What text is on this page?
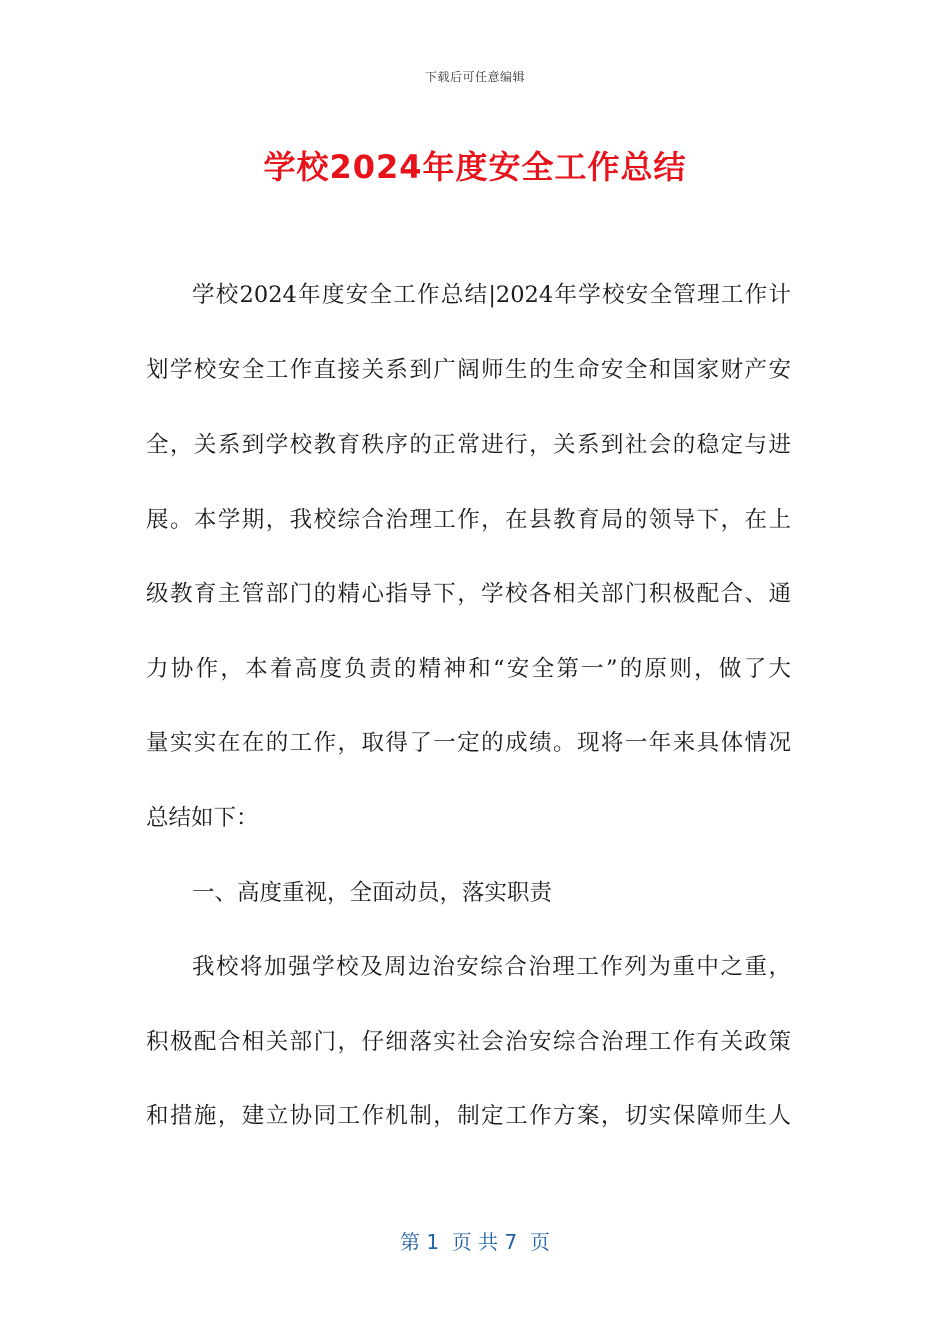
下载后可任意编辑
学校2024年度安全工作总结
学校2024年度安全工作总结|2024年学校安全管理工作计
划学校安全工作直接关系到广阔师生的生命安全和国家财产安
全，关系到学校教育秩序的正常进行，关系到社会的稳定与进
展。本学期，我校综合治理工作，在县教育局的领导下，在上
级教育主管部门的精心指导下，学校各相关部门积极配合、通
力协作，本着高度负责的精神和“安全第一”的原则，做了大
量实实在在的工作，取得了一定的成绩。现将一年来具体情况
总结如下：
一、高度重视，全面动员，落实职责
我校将加强学校及周边治安综合治理工作列为重中之重，
积极配合相关部门，仔细落实社会治安综合治理工作有关政策
和措施，建立协同工作机制，制定工作方案，切实保障师生人
第 1  页 共 7  页
